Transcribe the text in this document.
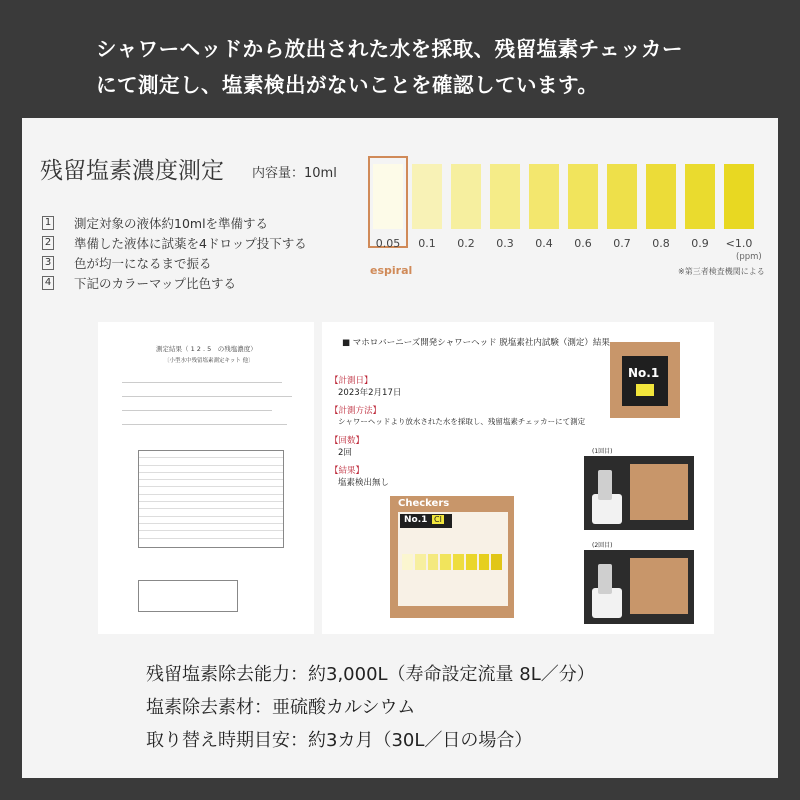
シャワーヘッドから放出された水を採取、残留塩素チェッカー
にて測定し、塩素検出がないことを確認しています。
残留塩素濃度測定 内容量：10ml
1 測定対象の液体約10mlを準備する
2 準備した液体に試薬を4ドロップ投下する
3 色が均一になるまで振る
4 下記のカラーマップ比色する
(ppm)
espiral	※第三者検査機関による
0.05	0.1	0.2	0.3	0.4	0.6	0.7	0.8	0.9	<1.0
測定結果（ 1 2 . 5　の残塩濃度）
〔小型水中残留塩素測定キット 他〕
■ マホロバーニーズ開発シャワーヘッド 脱塩素社内試験（測定）結果
【計測日】
2023年2月17日
【計測方法】
シャワーヘッドより放水された水を採取し、残留塩素チェッカーにて測定
【回数】
2回
【結果】
塩素検出無し
No.1
Checkers
No.1 Cl
(1回目)
(2回目)
残留塩素除去能力：約3,000L（寿命設定流量 8L／分）
塩素除去素材：亜硫酸カルシウム
取り替え時期目安：約3カ月（30L／日の場合）
